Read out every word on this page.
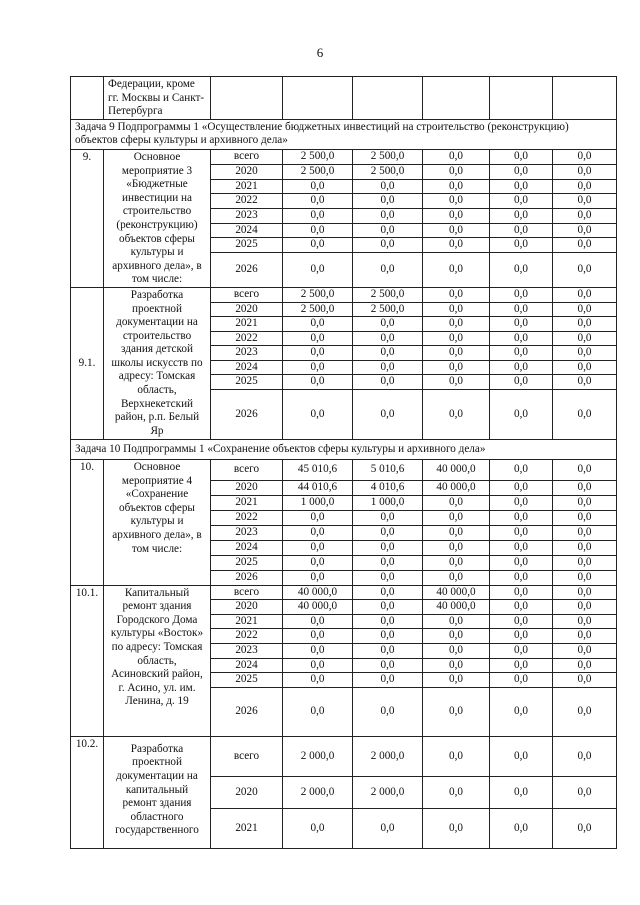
6
	Федерации, кроме гг. Москвы и Санкт-Петербурга						
Задача 9 Подпрограммы 1 «Осуществление бюджетных инвестиций на строительство (реконструкцию) объектов сферы культуры и архивного дела»							
9.	Основное мероприятие 3 «Бюджетные инвестиции на строительство (реконструкцию) объектов сферы культуры и архивного дела», в том числе:	всего	2 500,0	2 500,0	0,0	0,0	0,0
		2020	2 500,0	2 500,0	0,0	0,0	0,0
		2021	0,0	0,0	0,0	0,0	0,0
		2022	0,0	0,0	0,0	0,0	0,0
		2023	0,0	0,0	0,0	0,0	0,0
		2024	0,0	0,0	0,0	0,0	0,0
		2025	0,0	0,0	0,0	0,0	0,0
		2026	0,0	0,0	0,0	0,0	0,0
9.1.	Разработка проектной документации на строительство здания детской школы искусств по адресу: Томская область, Верхнекетский район, р.п. Белый Яр	всего	2 500,0	2 500,0	0,0	0,0	0,0
		2020	2 500,0	2 500,0	0,0	0,0	0,0
		2021	0,0	0,0	0,0	0,0	0,0
		2022	0,0	0,0	0,0	0,0	0,0
		2023	0,0	0,0	0,0	0,0	0,0
		2024	0,0	0,0	0,0	0,0	0,0
		2025	0,0	0,0	0,0	0,0	0,0
		2026	0,0	0,0	0,0	0,0	0,0
Задача 10 Подпрограммы 1 «Сохранение объектов сферы культуры и архивного дела»							
10.	Основное мероприятие 4 «Сохранение объектов сферы культуры и архивного дела», в том числе:	всего	45 010,6	5 010,6	40 000,0	0,0	0,0
		2020	44 010,6	4 010,6	40 000,0	0,0	0,0
		2021	1 000,0	1 000,0	0,0	0,0	0,0
		2022	0,0	0,0	0,0	0,0	0,0
		2023	0,0	0,0	0,0	0,0	0,0
		2024	0,0	0,0	0,0	0,0	0,0
		2025	0,0	0,0	0,0	0,0	0,0
		2026	0,0	0,0	0,0	0,0	0,0
10.1.	Капитальный ремонт здания Городского Дома культуры «Восток» по адресу: Томская область, Асиновский район, г. Асино, ул. им. Ленина, д. 19	всего	40 000,0	0,0	40 000,0	0,0	0,0
		2020	40 000,0	0,0	40 000,0	0,0	0,0
		2021	0,0	0,0	0,0	0,0	0,0
		2022	0,0	0,0	0,0	0,0	0,0
		2023	0,0	0,0	0,0	0,0	0,0
		2024	0,0	0,0	0,0	0,0	0,0
		2025	0,0	0,0	0,0	0,0	0,0
		2026	0,0	0,0	0,0	0,0	0,0
10.2.	Разработка проектной документации на капитальный ремонт здания областного государственного	всего	2 000,0	2 000,0	0,0	0,0	0,0
		2020	2 000,0	2 000,0	0,0	0,0	0,0
		2021	0,0	0,0	0,0	0,0	0,0
